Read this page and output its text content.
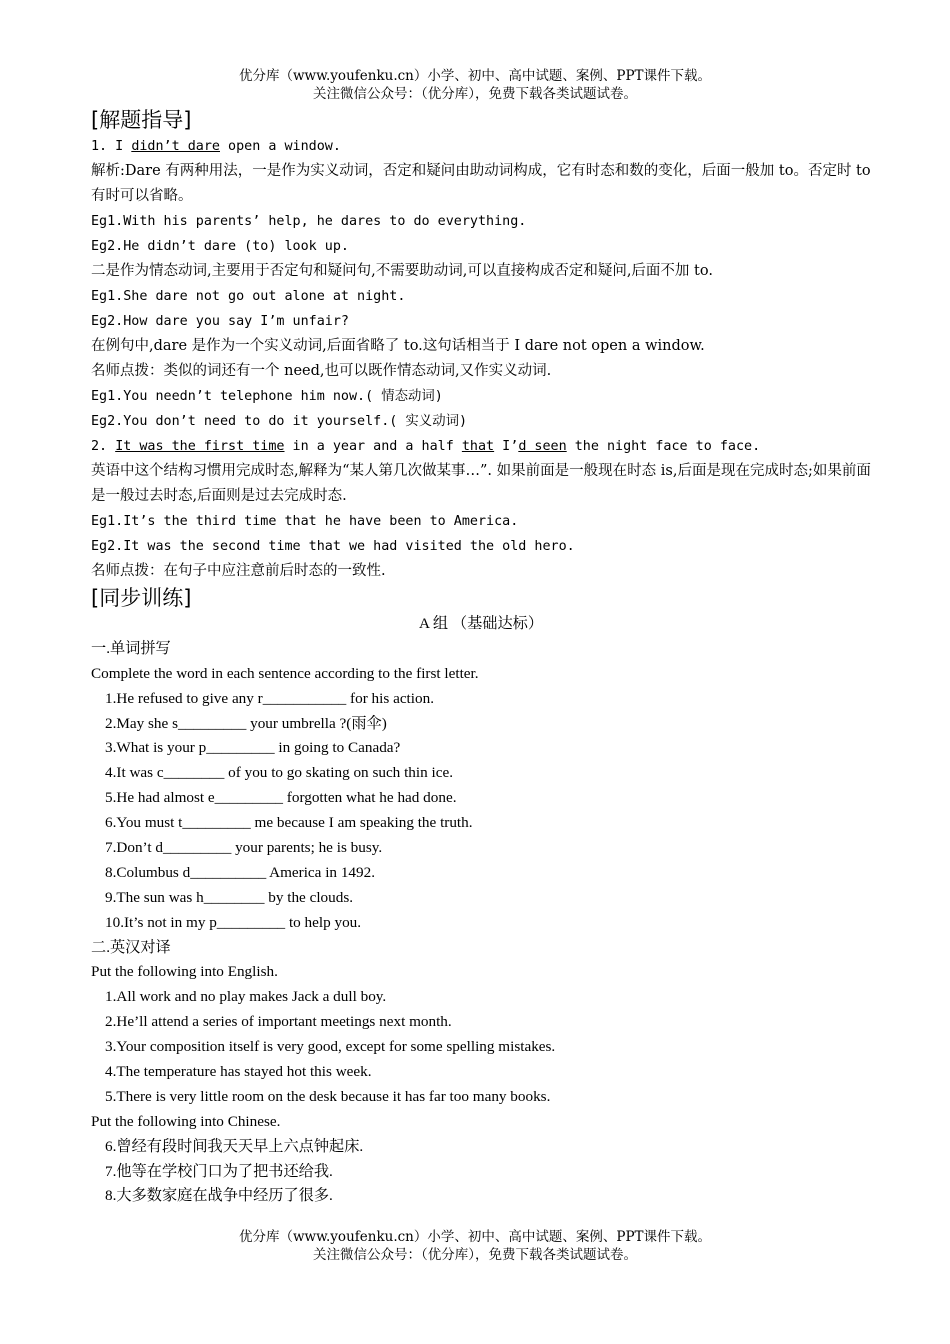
优分库（www.youfenku.cn）小学、初中、高中试题、案例、PPT课件下载。
关注微信公众号：（优分库），免费下载各类试题试卷。
[解题指导]
1. I didn’t dare open a window.
解析:Dare 有两种用法，一是作为实义动词，否定和疑问由助动词构成，它有时态和数的变化，后面一般加 to。否定时 to 有时可以省略。
Eg1.With his parents’ help, he dares to do everything.
Eg2.He didn’t dare (to) look up.
二是作为情态动词,主要用于否定句和疑问句,不需要助动词,可以直接构成否定和疑问,后面不加 to.
Eg1.She dare not go out alone at night.
Eg2.How dare you say I’m unfair?
在例句中,dare 是作为一个实义动词,后面省略了 to.这句话相当于 I dare not open a window.
名师点拨：类似的词还有一个 need,也可以既作情态动词,又作实义动词.
Eg1.You needn’t telephone him now.( 情态动词)
Eg2.You don’t need to do it yourself.( 实义动词)
2. It was the first time in a year and a half that I’d seen the night face to face.
英语中这个结构习惯用完成时态,解释为“某人第几次做某事…”. 如果前面是一般现在时态 is,后面是现在完成时态;如果前面是一般过去时态,后面则是过去完成时态.
Eg1.It’s the third time that he have been to America.
Eg2.It was the second time that we had visited the old hero.
名师点拨：在句子中应注意前后时态的一致性.
[同步训练]
A 组 （基础达标）
一.单词拼写
Complete the word in each sentence according to the first letter.
1.He refused to give any r___________ for his action.
2.May she s_________ your umbrella ?(雨伞)
3.What is your p_________ in going to Canada?
4.It was c________ of you to go skating on such thin ice.
5.He had almost e_________ forgotten what he had done.
6.You must t_________ me because I am speaking the truth.
7.Don’t d_________ your parents; he is busy.
8.Columbus d__________ America in 1492.
9.The sun was h________ by the clouds.
10.It’s not in my p_________ to help you.
二.英汉对译
Put the following into English.
1.All work and no play makes Jack a dull boy.
2.He’ll attend a series of important meetings next month.
3.Your composition itself is very good, except for some spelling mistakes.
4.The temperature has stayed hot this week.
5.There is very little room on the desk because it has far too many books.
Put the following into Chinese.
6.曾经有段时间我天天早上六点钟起床.
7.他等在学校门口为了把书还给我.
8.大多数家庭在战争中经历了很多.
优分库（www.youfenku.cn）小学、初中、高中试题、案例、PPT课件下载。
关注微信公众号：（优分库），免费下载各类试题试卷。
